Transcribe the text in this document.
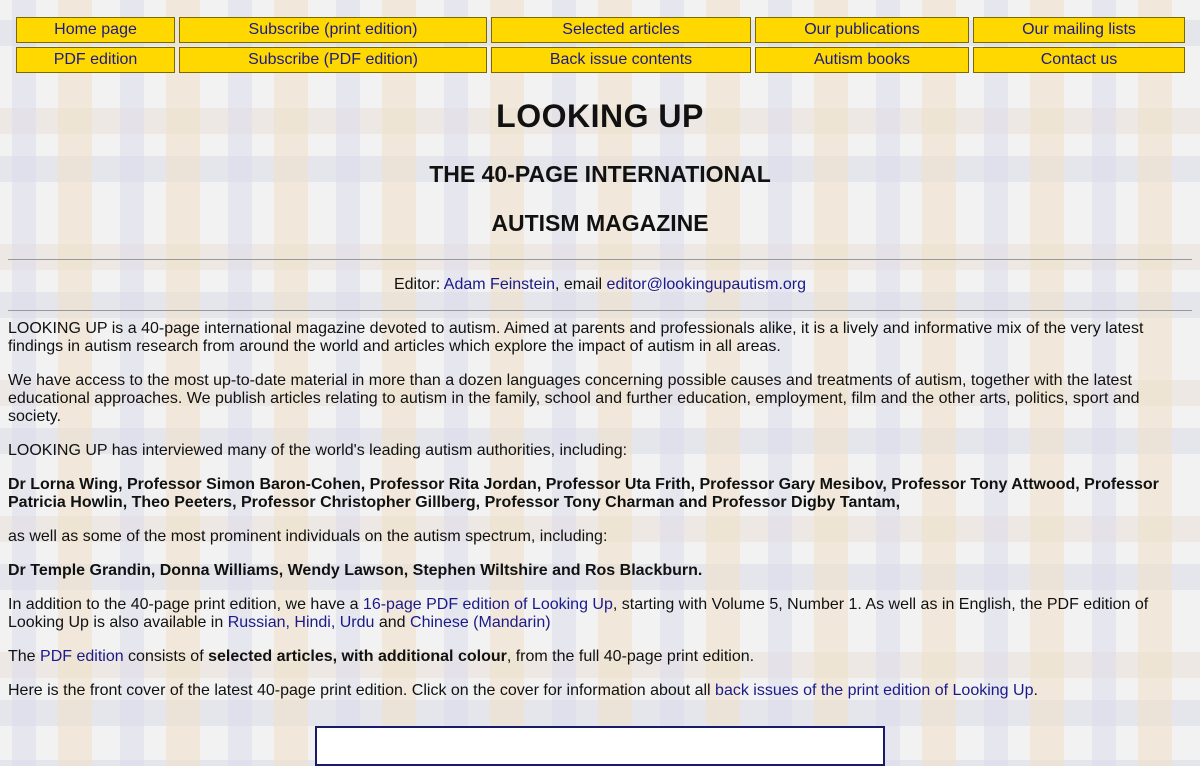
Home page	Subscribe (print edition)	Selected articles	Our publications	Our mailing lists
PDF edition	Subscribe (PDF edition)	Back issue contents	Autism books	Contact us
LOOKING UP
THE 40-PAGE INTERNATIONAL
AUTISM MAGAZINE
Editor: Adam Feinstein, email editor@lookingupautism.org

LOOKING UP is a 40-page international magazine devoted to autism. Aimed at parents and professionals alike, it is a lively and informative mix of the very latest findings in autism research from around the world and articles which explore the impact of autism in all areas.

We have access to the most up-to-date material in more than a dozen languages concerning possible causes and treatments of autism, together with the latest educational approaches. We publish articles relating to autism in the family, school and further education, employment, film and the other arts, politics, sport and society.

LOOKING UP has interviewed many of the world's leading autism authorities, including:

Dr Lorna Wing, Professor Simon Baron-Cohen, Professor Rita Jordan, Professor Uta Frith, Professor Gary Mesibov, Professor Tony Attwood, Professor Patricia Howlin, Theo Peeters, Professor Christopher Gillberg, Professor Tony Charman and Professor Digby Tantam,

as well as some of the most prominent individuals on the autism spectrum, including:

Dr Temple Grandin, Donna Williams, Wendy Lawson, Stephen Wiltshire and Ros Blackburn.

In addition to the 40-page print edition, we have a 16-page PDF edition of Looking Up, starting with Volume 5, Number 1. As well as in English, the PDF edition of Looking Up is also available in Russian, Hindi, Urdu and Chinese (Mandarin)

The PDF edition consists of selected articles, with additional colour, from the full 40-page print edition.

Here is the front cover of the latest 40-page print edition. Click on the cover for information about all back issues of the print edition of Looking Up.
